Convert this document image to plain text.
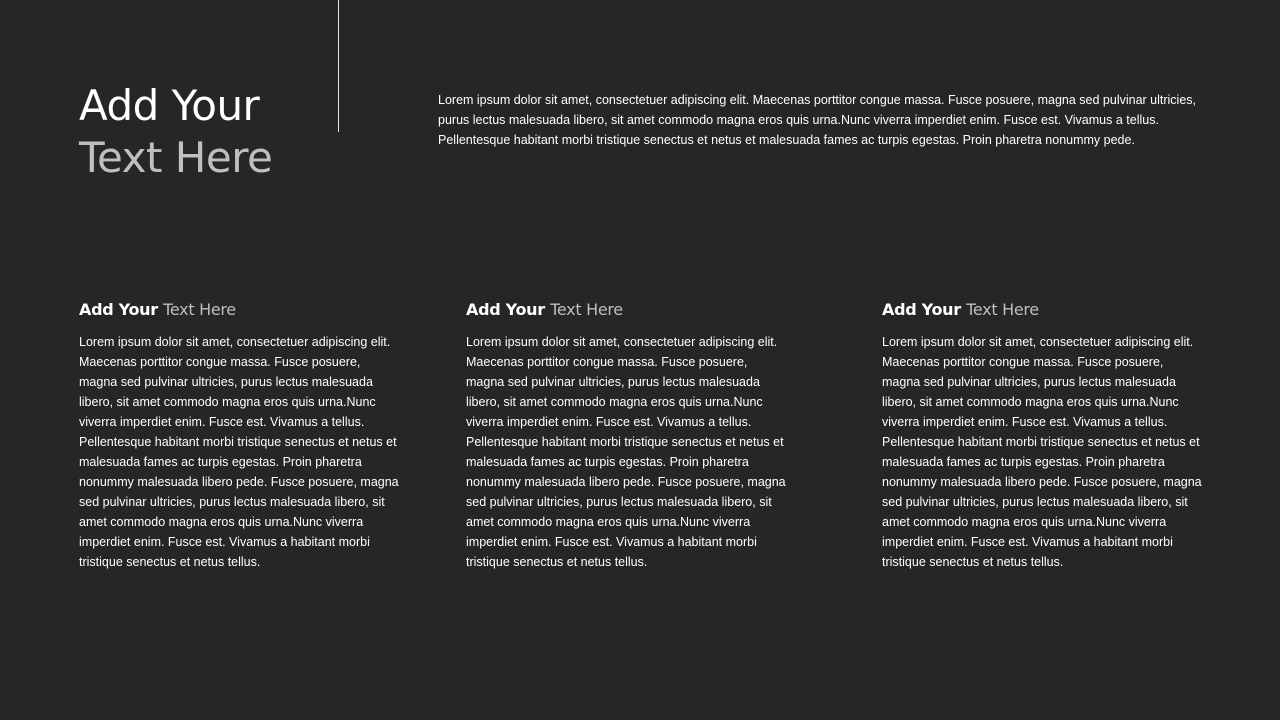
Add Your
Text Here
Lorem ipsum dolor sit amet, consectetuer adipiscing elit. Maecenas porttitor congue massa. Fusce posuere, magna sed pulvinar ultricies, purus lectus malesuada libero, sit amet commodo magna eros quis urna.Nunc viverra imperdiet enim. Fusce est. Vivamus a tellus. Pellentesque habitant morbi tristique senectus et netus et malesuada fames ac turpis egestas. Proin pharetra nonummy pede.
Add Your Text Here
Lorem ipsum dolor sit amet, consectetuer adipiscing elit. Maecenas porttitor congue massa. Fusce posuere, magna sed pulvinar ultricies, purus lectus malesuada libero, sit amet commodo magna eros quis urna.Nunc viverra imperdiet enim. Fusce est. Vivamus a tellus. Pellentesque habitant morbi tristique senectus et netus et malesuada fames ac turpis egestas. Proin pharetra nonummy malesuada libero pede. Fusce posuere, magna sed pulvinar ultricies, purus lectus malesuada libero, sit amet commodo magna eros quis urna.Nunc viverra imperdiet enim. Fusce est. Vivamus a habitant morbi tristique senectus et netus tellus.
Add Your Text Here
Lorem ipsum dolor sit amet, consectetuer adipiscing elit. Maecenas porttitor congue massa. Fusce posuere, magna sed pulvinar ultricies, purus lectus malesuada libero, sit amet commodo magna eros quis urna.Nunc viverra imperdiet enim. Fusce est. Vivamus a tellus. Pellentesque habitant morbi tristique senectus et netus et malesuada fames ac turpis egestas. Proin pharetra nonummy malesuada libero pede. Fusce posuere, magna sed pulvinar ultricies, purus lectus malesuada libero, sit amet commodo magna eros quis urna.Nunc viverra imperdiet enim. Fusce est. Vivamus a habitant morbi tristique senectus et netus tellus.
Add Your Text Here
Lorem ipsum dolor sit amet, consectetuer adipiscing elit. Maecenas porttitor congue massa. Fusce posuere, magna sed pulvinar ultricies, purus lectus malesuada libero, sit amet commodo magna eros quis urna.Nunc viverra imperdiet enim. Fusce est. Vivamus a tellus. Pellentesque habitant morbi tristique senectus et netus et malesuada fames ac turpis egestas. Proin pharetra nonummy malesuada libero pede. Fusce posuere, magna sed pulvinar ultricies, purus lectus malesuada libero, sit amet commodo magna eros quis urna.Nunc viverra imperdiet enim. Fusce est. Vivamus a habitant morbi tristique senectus et netus tellus.
